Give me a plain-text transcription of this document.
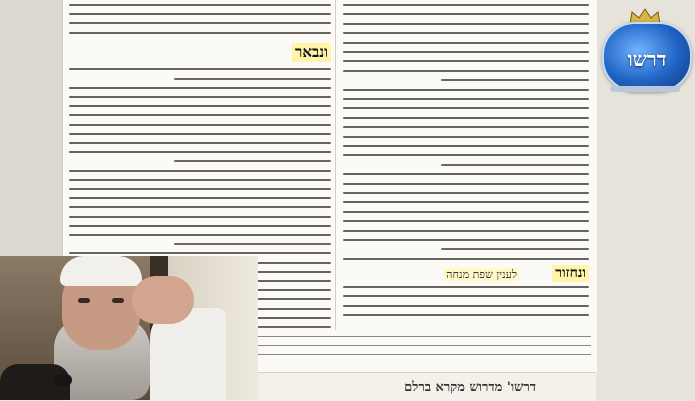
ונבאר
ונחזור
לענין שפת מנחה
דרשו' מדרוש מקרא ברלם
דרשו
